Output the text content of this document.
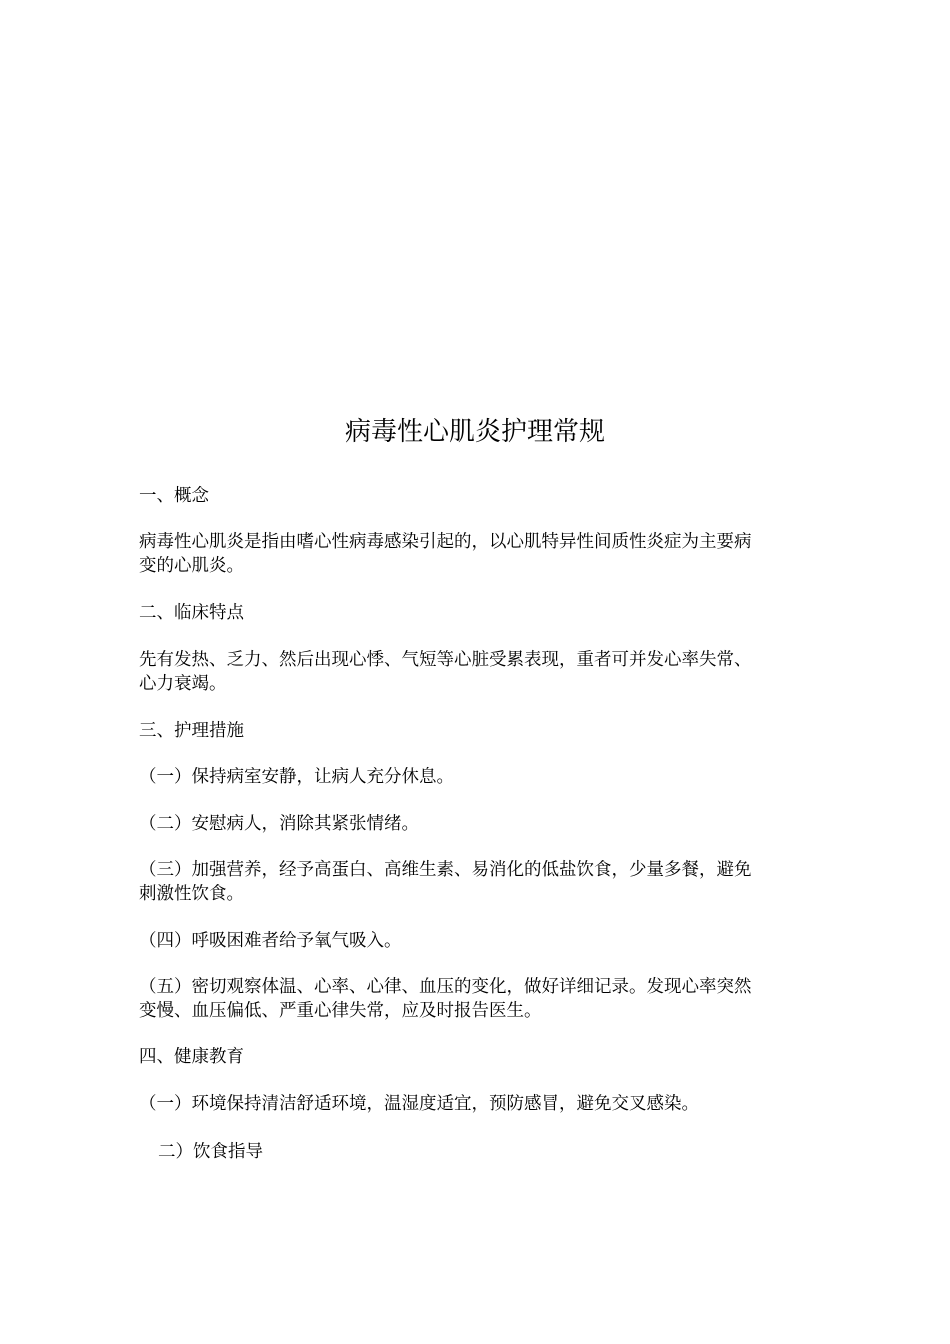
病毒性心肌炎护理常规

一、概念

病毒性心肌炎是指由嗜心性病毒感染引起的，以心肌特异性间质性炎症为主要病
变的心肌炎。

二、临床特点

先有发热、乏力、然后出现心悸、气短等心脏受累表现，重者可并发心率失常、
心力衰竭。

三、护理措施

（一）保持病室安静，让病人充分休息。

（二）安慰病人，消除其紧张情绪。

（三）加强营养，经予高蛋白、高维生素、易消化的低盐饮食，少量多餐，避免
刺激性饮食。

（四）呼吸困难者给予氧气吸入。

（五）密切观察体温、心率、心律、血压的变化，做好详细记录。发现心率突然
变慢、血压偏低、严重心律失常，应及时报告医生。

四、健康教育

（一）环境保持清洁舒适环境，温湿度适宜，预防感冒，避免交叉感染。

二）饮食指导
